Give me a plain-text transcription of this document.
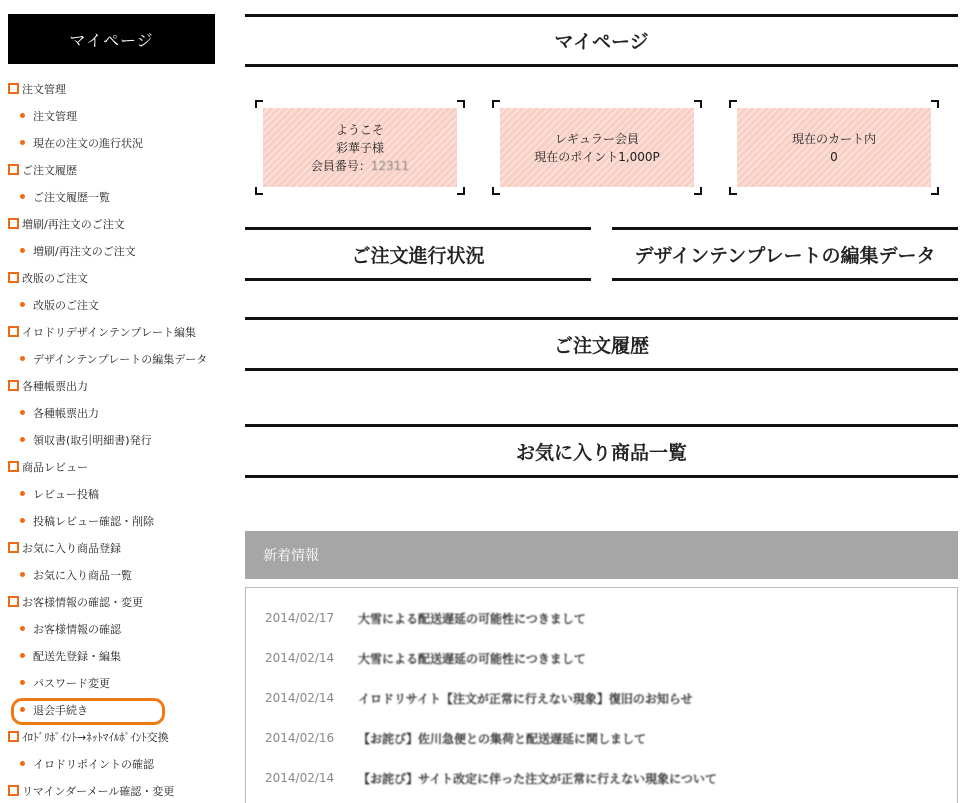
マイページ
注文管理
注文管理
現在の注文の進行状況
ご注文履歴
ご注文履歴一覧
増刷/再注文のご注文
増刷/再注文のご注文
改版のご注文
改版のご注文
イロドリデザインテンプレート編集
デザインテンプレートの編集データ
各種帳票出力
各種帳票出力
領収書(取引明細書)発行
商品レビュー
レビュー投稿
投稿レビュー確認・削除
お気に入り商品登録
お気に入り商品一覧
お客様情報の確認・変更
お客様情報の確認
配送先登録・編集
パスワード変更
退会手続き
ｲﾛﾄﾞﾘﾎﾟｲﾝﾄ→ﾈｯﾄﾏｲﾙﾎﾟｲﾝﾄ交換
イロドリポイントの確認
リマインダーメール確認・変更
マイページ
ようこそ
彩華子様
会員番号：12311
レギュラー会員
現在のポイント1,000P
現在のカート内
0
ご注文進行状況	デザインテンプレートの編集データ
ご注文履歴
お気に入り商品一覧
新着情報
2014/02/17	大雪による配送遅延の可能性につきまして
2014/02/14	大雪による配送遅延の可能性につきまして
2014/02/14	イロドリサイト【注文が正常に行えない現象】復旧のお知らせ
2014/02/16	【お詫び】佐川急便との集荷と配送遅延に関しまして
2014/02/14	【お詫び】サイト改定に伴った注文が正常に行えない現象について
